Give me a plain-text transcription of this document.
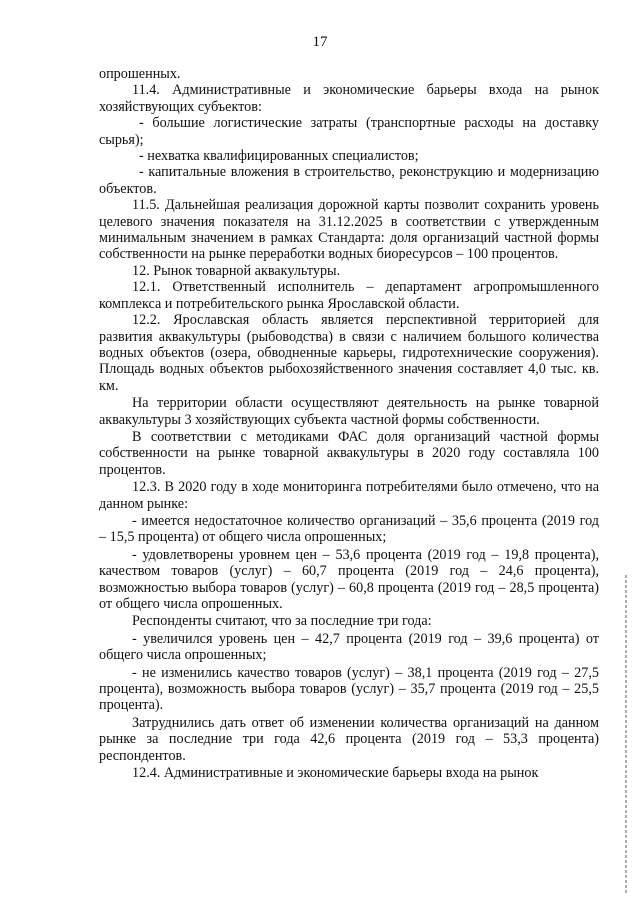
17

опрошенных.

11.4. Административные и экономические барьеры входа на рынок хозяйствующих субъектов:

- большие логистические затраты (транспортные расходы на доставку сырья);

- нехватка квалифицированных специалистов;

- капитальные вложения в строительство, реконструкцию и модернизацию объектов.

11.5. Дальнейшая реализация дорожной карты позволит сохранить уровень целевого значения показателя на 31.12.2025 в соответствии с утвержденным минимальным значением в рамках Стандарта: доля организаций частной формы собственности на рынке переработки водных биоресурсов – 100 процентов.

12. Рынок товарной аквакультуры.

12.1. Ответственный исполнитель – департамент агропромышленного комплекса и потребительского рынка Ярославской области.

12.2. Ярославская область является перспективной территорией для развития аквакультуры (рыбоводства) в связи с наличием большого количества водных объектов (озера, обводненные карьеры, гидротехнические сооружения). Площадь водных объектов рыбохозяйственного значения составляет 4,0 тыс. кв. км.

На территории области осуществляют деятельность на рынке товарной аквакультуры 3 хозяйствующих субъекта частной формы собственности.

В соответствии с методиками ФАС доля организаций частной формы собственности на рынке товарной аквакультуры в 2020 году составляла 100 процентов.

12.3. В 2020 году в ходе мониторинга потребителями было отмечено, что на данном рынке:

- имеется недостаточное количество организаций – 35,6 процента (2019 год – 15,5 процента) от общего числа опрошенных;

- удовлетворены уровнем цен – 53,6 процента (2019 год – 19,8 процента), качеством товаров (услуг) – 60,7 процента (2019 год – 24,6 процента), возможностью выбора товаров (услуг) – 60,8 процента (2019 год – 28,5 процента) от общего числа опрошенных.

Респонденты считают, что за последние три года:

- увеличился уровень цен – 42,7 процента (2019 год – 39,6 процента) от общего числа опрошенных;

- не изменились качество товаров (услуг) – 38,1 процента (2019 год – 27,5 процента), возможность выбора товаров (услуг) – 35,7 процента (2019 год – 25,5 процента).

Затруднились дать ответ об изменении количества организаций на данном рынке за последние три года 42,6 процента (2019 год – 53,3 процента) респондентов.

12.4. Административные и экономические барьеры входа на рынок
